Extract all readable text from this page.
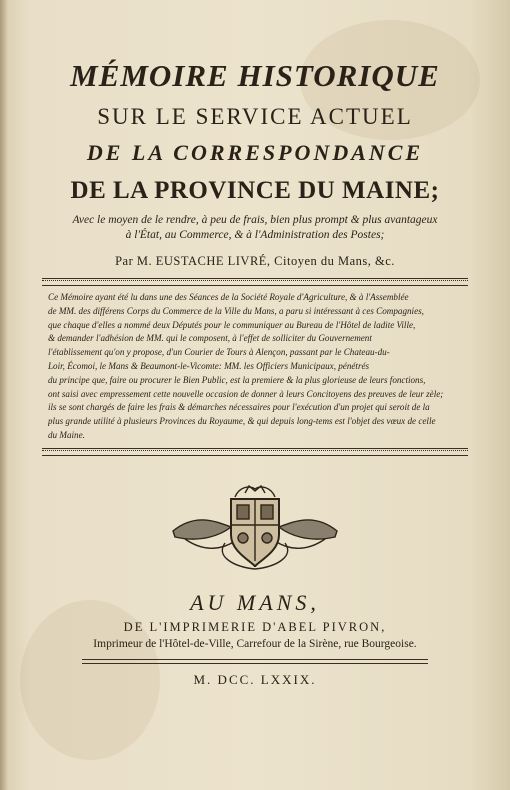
MÉMOIRE HISTORIQUE
SUR LE SERVICE ACTUEL
DE LA CORRESPONDANCE
DE LA PROVINCE DU MAINE;
Avec le moyen de le rendre, à peu de frais, bien plus prompt & plus avantageux
à l'État, au Commerce, & à l'Administration des Postes;
Par M. EUSTACHE LIVRÉ, Citoyen du Mans, &c.
Ce Mémoire ayant été lu dans une des Séances de la Société Royale d'Agriculture, & à l'Assemblée
de MM. des différens Corps du Commerce de la Ville du Mans, a paru si intéressant à ces Compagnies,
que chaque d'elles a nommé deux Députés pour le communiquer au Bureau de l'Hôtel de ladite Ville,
& demander l'adhésion de MM. qui le composent, à l'effet de solliciter du Gouvernement
l'établissement qu'on y propose, d'un Courier de Tours à Alençon, passant par le Chateau-du-
Loir, Écomoi, le Mans & Beaumont-le-Vicomte: MM. les Officiers Municipaux, pénétrés
du principe que, faire ou procurer le Bien Public, est la premiere & la plus glorieuse de leurs fonctions,
ont saisi avec empressement cette nouvelle occasion de donner à leurs Concitoyens des preuves de leur zèle;
ils se sont chargés de faire les frais & démarches nécessaires pour l'exécution d'un projet qui seroit de la
plus grande utilité à plusieurs Provinces du Royaume, & qui depuis long-tems est l'objet des vœux de celle
du Maine.
AU MANS,
DE L'IMPRIMERIE D'ABEL PIVRON,
Imprimeur de l'Hôtel-de-Ville, Carrefour de la Sirène, rue Bourgeoise.
M. DCC. LXXIX.
